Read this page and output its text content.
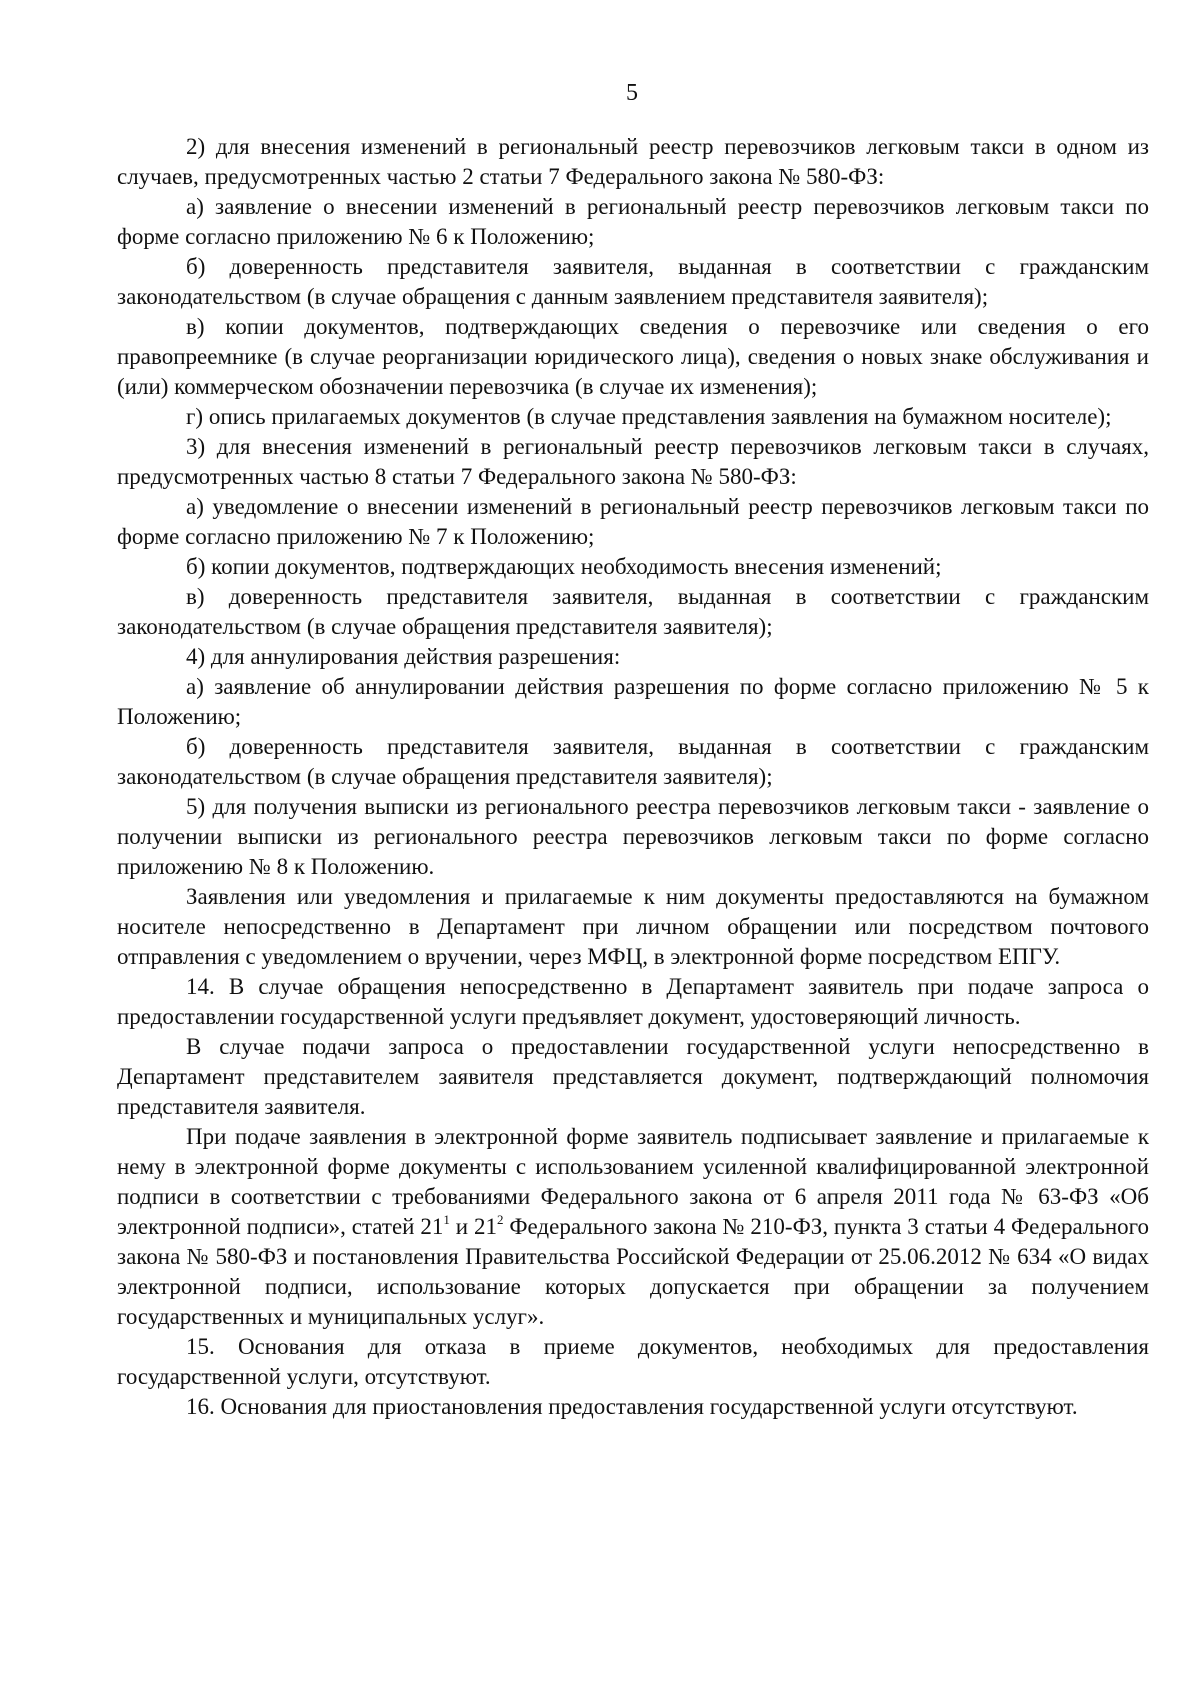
5

2) для внесения изменений в региональный реестр перевозчиков легковым такси в одном из случаев, предусмотренных частью 2 статьи 7 Федерального закона № 580-ФЗ:

а) заявление о внесении изменений в региональный реестр перевозчиков легковым такси по форме согласно приложению № 6 к Положению;

б) доверенность представителя заявителя, выданная в соответствии с гражданским законодательством (в случае обращения с данным заявлением представителя заявителя);

в) копии документов, подтверждающих сведения о перевозчике или сведения о его правопреемнике (в случае реорганизации юридического лица), сведения о новых знаке обслуживания и (или) коммерческом обозначении перевозчика (в случае их изменения);

г) опись прилагаемых документов (в случае представления заявления на бумажном носителе);

3) для внесения изменений в региональный реестр перевозчиков легковым такси в случаях, предусмотренных частью 8 статьи 7 Федерального закона № 580-ФЗ:

а) уведомление о внесении изменений в региональный реестр перевозчиков легковым такси по форме согласно приложению № 7 к Положению;

б) копии документов, подтверждающих необходимость внесения изменений;

в) доверенность представителя заявителя, выданная в соответствии с гражданским законодательством (в случае обращения представителя заявителя);

4) для аннулирования действия разрешения:

а) заявление об аннулировании действия разрешения по форме согласно приложению № 5 к Положению;

б) доверенность представителя заявителя, выданная в соответствии с гражданским законодательством (в случае обращения представителя заявителя);

5) для получения выписки из регионального реестра перевозчиков легковым такси - заявление о получении выписки из регионального реестра перевозчиков легковым такси по форме согласно приложению № 8 к Положению.

Заявления или уведомления и прилагаемые к ним документы предоставляются на бумажном носителе непосредственно в Департамент при личном обращении или посредством почтового отправления с уведомлением о вручении, через МФЦ, в электронной форме посредством ЕПГУ.

14. В случае обращения непосредственно в Департамент заявитель при подаче запроса о предоставлении государственной услуги предъявляет документ, удостоверяющий личность.

В случае подачи запроса о предоставлении государственной услуги непосредственно в Департамент представителем заявителя представляется документ, подтверждающий полномочия представителя заявителя.

При подаче заявления в электронной форме заявитель подписывает заявление и прилагаемые к нему в электронной форме документы с использованием усиленной квалифицированной электронной подписи в соответствии с требованиями Федерального закона от 6 апреля 2011 года № 63-ФЗ «Об электронной подписи», статей $21^1$ и $21^2$ Федерального закона № 210-ФЗ, пункта 3 статьи 4 Федерального закона № 580-ФЗ и постановления Правительства Российской Федерации от 25.06.2012 № 634 «О видах электронной подписи, использование которых допускается при обращении за получением государственных и муниципальных услуг».

15. Основания для отказа в приеме документов, необходимых для предоставления государственной услуги, отсутствуют.

16. Основания для приостановления предоставления государственной услуги отсутствуют.
